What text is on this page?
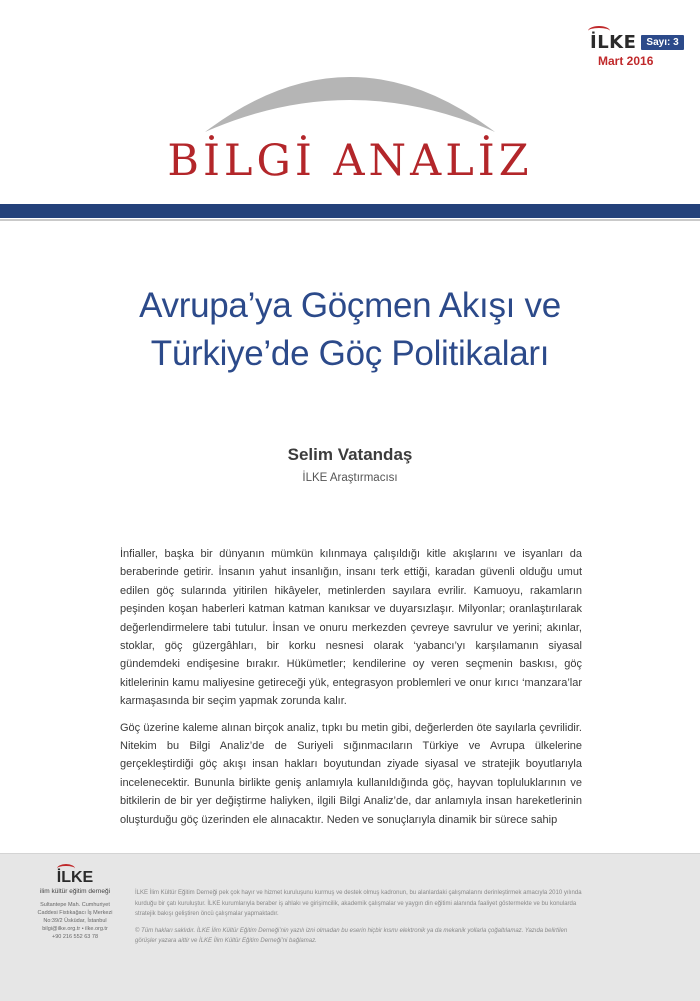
İLKE	Sayı: 3
Mart 2016
BİLGİ ANALİZ
Avrupa’ya Göçmen Akışı ve
Türkiye’de Göç Politikaları
Selim Vatandaş
İLKE Araştırmacısı

İnfialler, başka bir dünyanın mümkün kılınmaya çalışıldığı kitle akışlarını ve isyanları da beraberinde getirir. İnsanın yahut insanlığın, insanı terk ettiği, karadan güvenli olduğu umut edilen göç sularında yitirilen hikâyeler, metinlerden sayılara evrilir. Kamuoyu, rakamların peşinden koşan haberleri katman katman kanıksar ve duyarsızlaşır. Milyonlar; oranlaştırılarak değerlendirmelere tabi tutulur. İnsan ve onuru merkezden çevreye savrulur ve yerini; akınlar, stoklar, göç güzergâhları, bir korku nesnesi olarak ‘yabancı’yı karşılamanın siyasal gündemdeki endişesine bırakır. Hükümetler; kendilerine oy veren seçmenin baskısı, göç kitlelerinin kamu maliyesine getireceği yük, entegrasyon problemleri ve onur kırıcı ‘manzara’lar karmaşasında bir seçim yapmak zorunda kalır.

Göç üzerine kaleme alınan birçok analiz, tıpkı bu metin gibi, değerlerden öte sayılarla çevrilidir. Nitekim bu Bilgi Analiz’de de Suriyeli sığınmacıların Türkiye ve Avrupa ülkelerine gerçekleştirdiği göç akışı insan hakları boyutundan ziyade siyasal ve stratejik boyutlarıyla incelenecektir. Bununla birlikte geniş anlamıyla kullanıldığında göç, hayvan topluluklarının ve bitkilerin de bir yer değiştirme haliyken, ilgili Bilgi Analiz’de, dar anlamıyla insan hareketlerinin oluşturduğu göç üzerinden ele alınacaktır. Neden ve sonuçlarıyla dinamik bir sürece sahip

İLKE
ilim kültür eğitim derneği
Sultantepe Mah. Cumhuriyet
Caddesi Fistıkağacı İş Merkezi
No:39/2 Üsküdar, İstanbul
bilgi@ilke.org.tr • ilke.org.tr
+90 216 552 63 78

İLKE İlim Kültür Eğitim Derneği pek çok hayır ve hizmet kuruluşunu kurmuş ve destek olmuş kadronun, bu alanlardaki çalışmalarını derinleştirmek amacıyla 2010 yılında kurduğu bir çatı kuruluştur. İLKE kurumlarıyla beraber iş ahlakı ve girişimcilik, akademik çalışmalar ve yaygın din eğitimi alanında faaliyet göstermekte ve bu konularda stratejik bakışı geliştiren öncü çalışmalar yapmaktadır.

© Tüm hakları saklıdır. İLKE İlim Kültür Eğitim Derneği’nin yazılı izni olmadan bu eserin hiçbir kısmı elektronik ya da mekanik yollarla çoğaltılamaz. Yazıda belirtilen görüşler yazara aittir ve İLKE İlim Kültür Eğitim Derneği’ni bağlamaz.
